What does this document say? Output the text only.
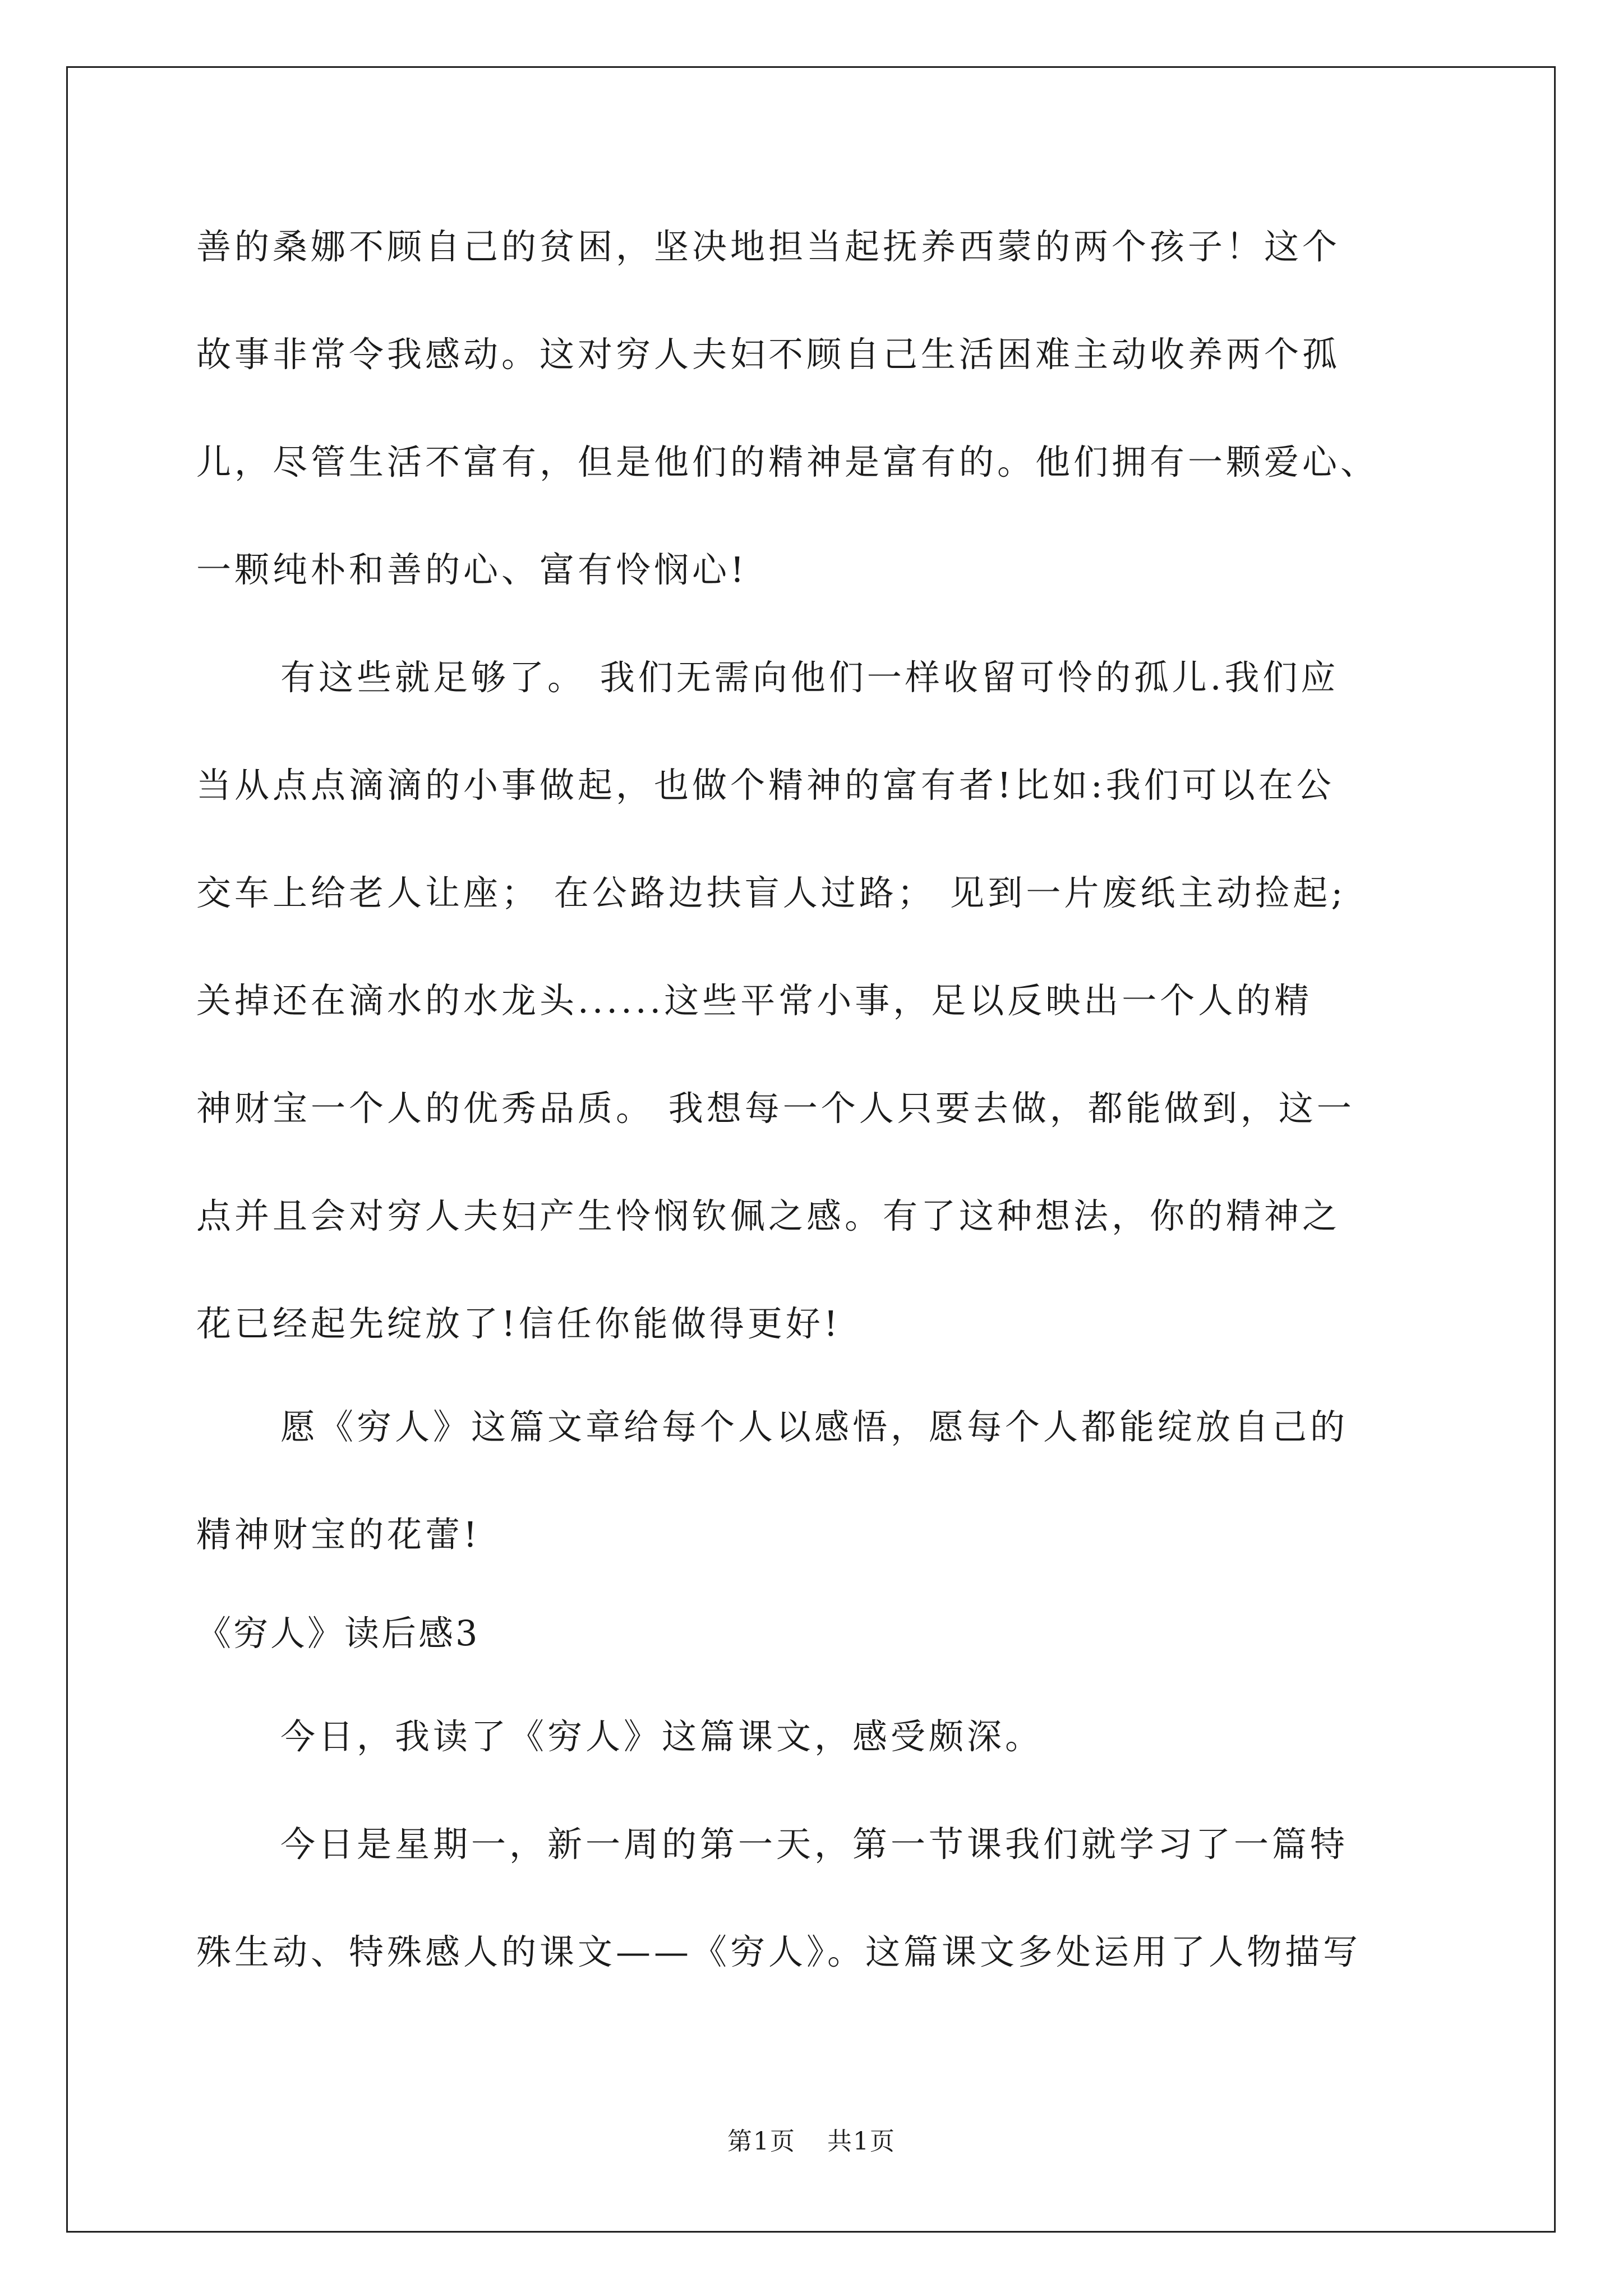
善的桑娜不顾自己的贫困，坚决地担当起抚养西蒙的两个孩子！这个
故事非常令我感动。这对穷人夫妇不顾自己生活困难主动收养两个孤
儿，尽管生活不富有，但是他们的精神是富有的。他们拥有一颗爱心、
一颗纯朴和善的心、富有怜悯心!
有这些就足够了。 我们无需向他们一样收留可怜的孤儿.我们应
当从点点滴滴的小事做起，也做个精神的富有者!比如:我们可以在公
交车上给老人让座； 在公路边扶盲人过路； 见到一片废纸主动捡起;
关掉还在滴水的水龙头......这些平常小事，足以反映出一个人的精
神财宝一个人的优秀品质。 我想每一个人只要去做，都能做到，这一
点并且会对穷人夫妇产生怜悯钦佩之感。有了这种想法，你的精神之
花已经起先绽放了!信任你能做得更好!
愿《穷人》这篇文章给每个人以感悟，愿每个人都能绽放自己的
精神财宝的花蕾!
《穷人》读后感3
今日，我读了《穷人》这篇课文，感受颇深。
今日是星期一，新一周的第一天，第一节课我们就学习了一篇特
殊生动、特殊感人的课文——《穷人》。这篇课文多处运用了人物描写
第1页 共1页
